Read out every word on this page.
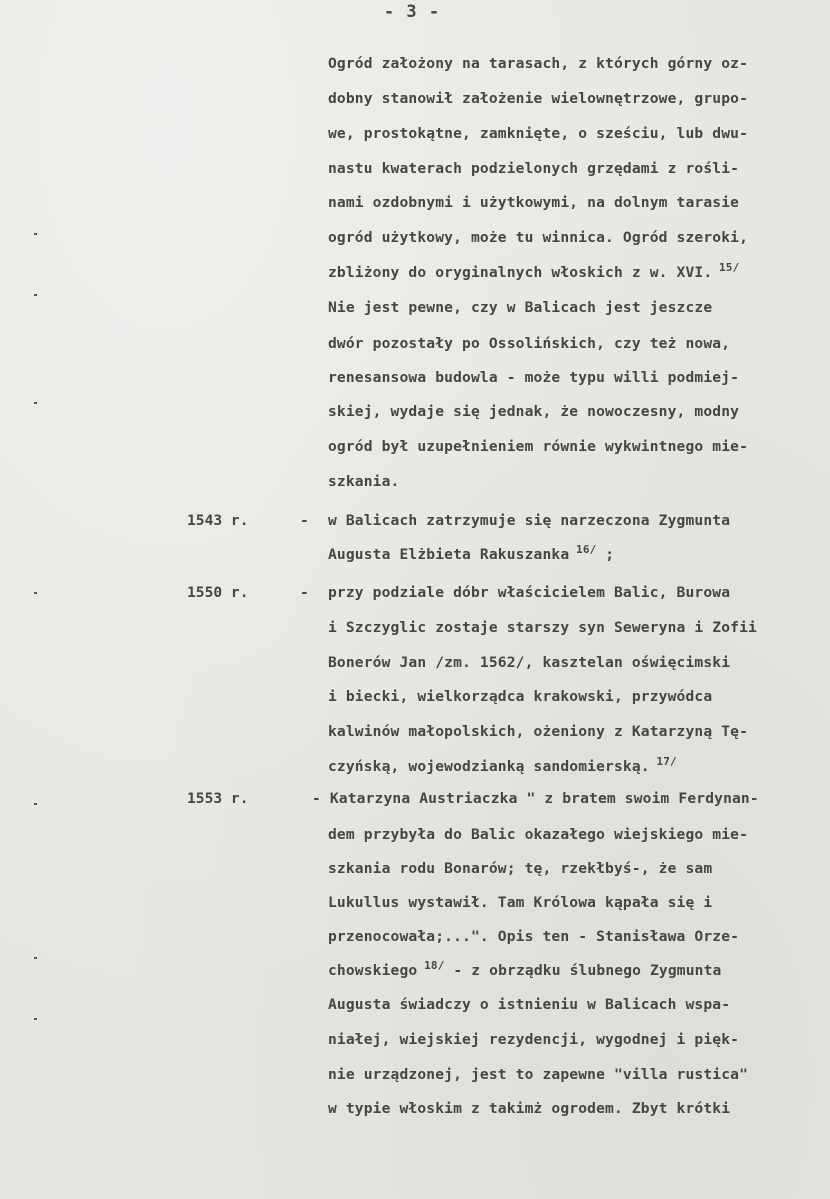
- 3 -
Ogród założony na tarasach, z których górny oz-
dobny stanowił założenie wielownętrzowe, grupo-
we, prostokątne, zamknięte, o sześciu, lub dwu-
nastu kwaterach podzielonych grzędami z rośli-
nami ozdobnymi i użytkowymi, na dolnym tarasie
ogród użytkowy, może tu winnica. Ogród szeroki,
zbliżony do oryginalnych włoskich z w. XVI. $^{15/}$
Nie jest pewne, czy w Balicach jest jeszcze
dwór pozostały po Ossolińskich, czy też nowa,
renesansowa budowla - może typu willi podmiej-
skiej, wydaje się jednak, że nowoczesny, modny
ogród był uzupełnieniem równie wykwintnego mie-
szkania.
w Balicach zatrzymuje się narzeczona Zygmunta
Augusta Elżbieta Rakuszanka $^{16/}$ ;
przy podziale dóbr właścicielem Balic, Burowa
i Szczyglic zostaje starszy syn Seweryna i Zofii
Bonerów Jan /zm. 1562/, kasztelan oświęcimski
i biecki, wielkorządca krakowski, przywódca
kalwinów małopolskich, ożeniony z Katarzyną Tę-
czyńską, wojewodzianką sandomierską. $^{17/}$
- Katarzyna Austriaczka " z bratem swoim Ferdynan-
dem przybyła do Balic okazałego wiejskiego mie-
szkania rodu Bonarów; tę, rzekłbyś-, że sam
Lukullus wystawił. Tam Królowa kąpała się i
przenocowała;...". Opis ten - Stanisława Orze-
chowskiego $^{18/}$ - z obrządku ślubnego Zygmunta
Augusta świadczy o istnieniu w Balicach wspa-
niałej, wiejskiej rezydencji, wygodnej i pięk-
nie urządzonej, jest to zapewne "villa rustica"
w typie włoskim z takimż ogrodem. Zbyt krótki
1543 r.	-
1550 r.	-
1553 r.
